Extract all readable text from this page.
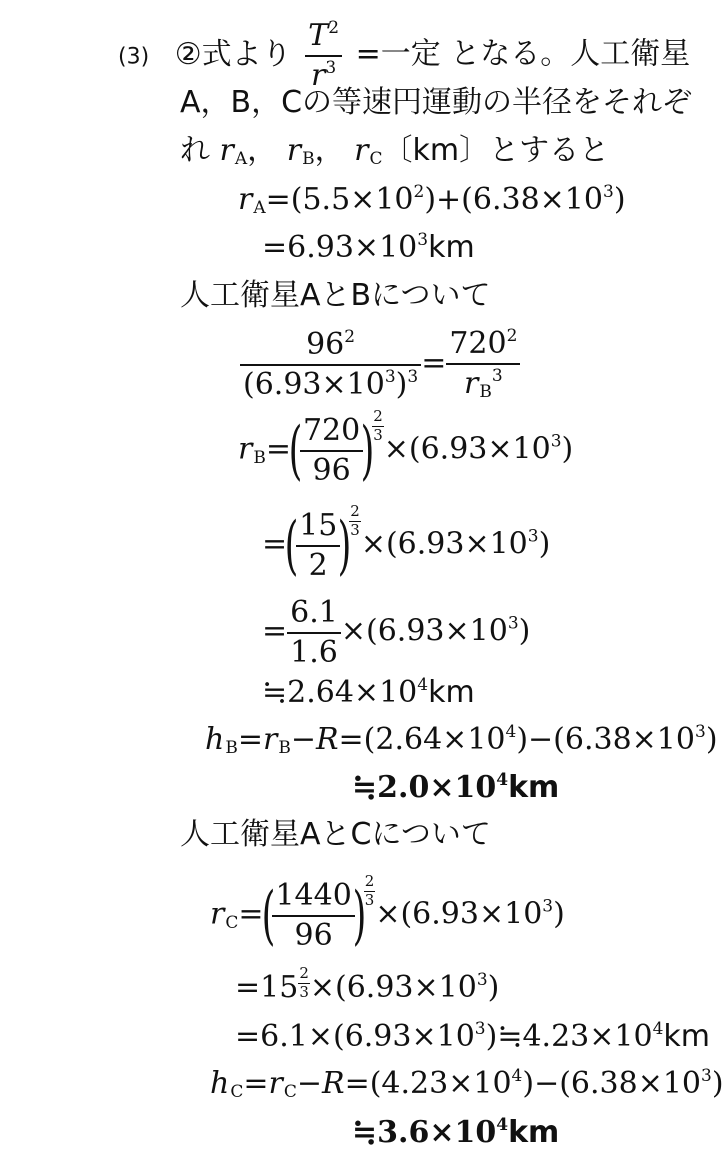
(3) ②式より $\frac{T^2}{r^3}$ =一定 となる。人工衛星
A，B，Cの等速円運動の半径をそれぞ
れ $r_A$， $r_B$， $r_C$〔km〕とすると
$r_A=(5.5\times 10^2)+(6.38\times 10^3)$
$=6.93\times 10^3km$
人工衛星AとBについて
$\frac{96^2}{(6.93\times 10^3)^3} = \frac{720^2}{r_B^3}$
$r_B=$(
$\frac{720}{96}$
)
$\frac{2}{3}$
$\times(6.93\times 10^3)$
=(
$\frac{15}{2}$
)
$\frac{2}{3}$
$\times(6.93\times 10^3)$
= $\frac{6.1}{1.6} \times(6.93\times 10^3)$
$≒2.64\times 10^4km$
$h_B=r_B-R=(2.64\times 10^4)-(6.38\times 10^3)$
$≒2.0\times 10^4km$
人工衛星AとCについて
$r_C=$(
$\frac{1440}{96}$
)
$\frac{2}{3}$
$\times(6.93\times 10^3)$
$=15 \frac{2}{3} \times(6.93\times 10^3)$
$=6.1\times(6.93\times 10^3)≒4.23\times 10^4km$
$h_C=r_C-R=(4.23\times 10^4)-(6.38\times 10^3)$
$≒3.6\times 10^4km$
